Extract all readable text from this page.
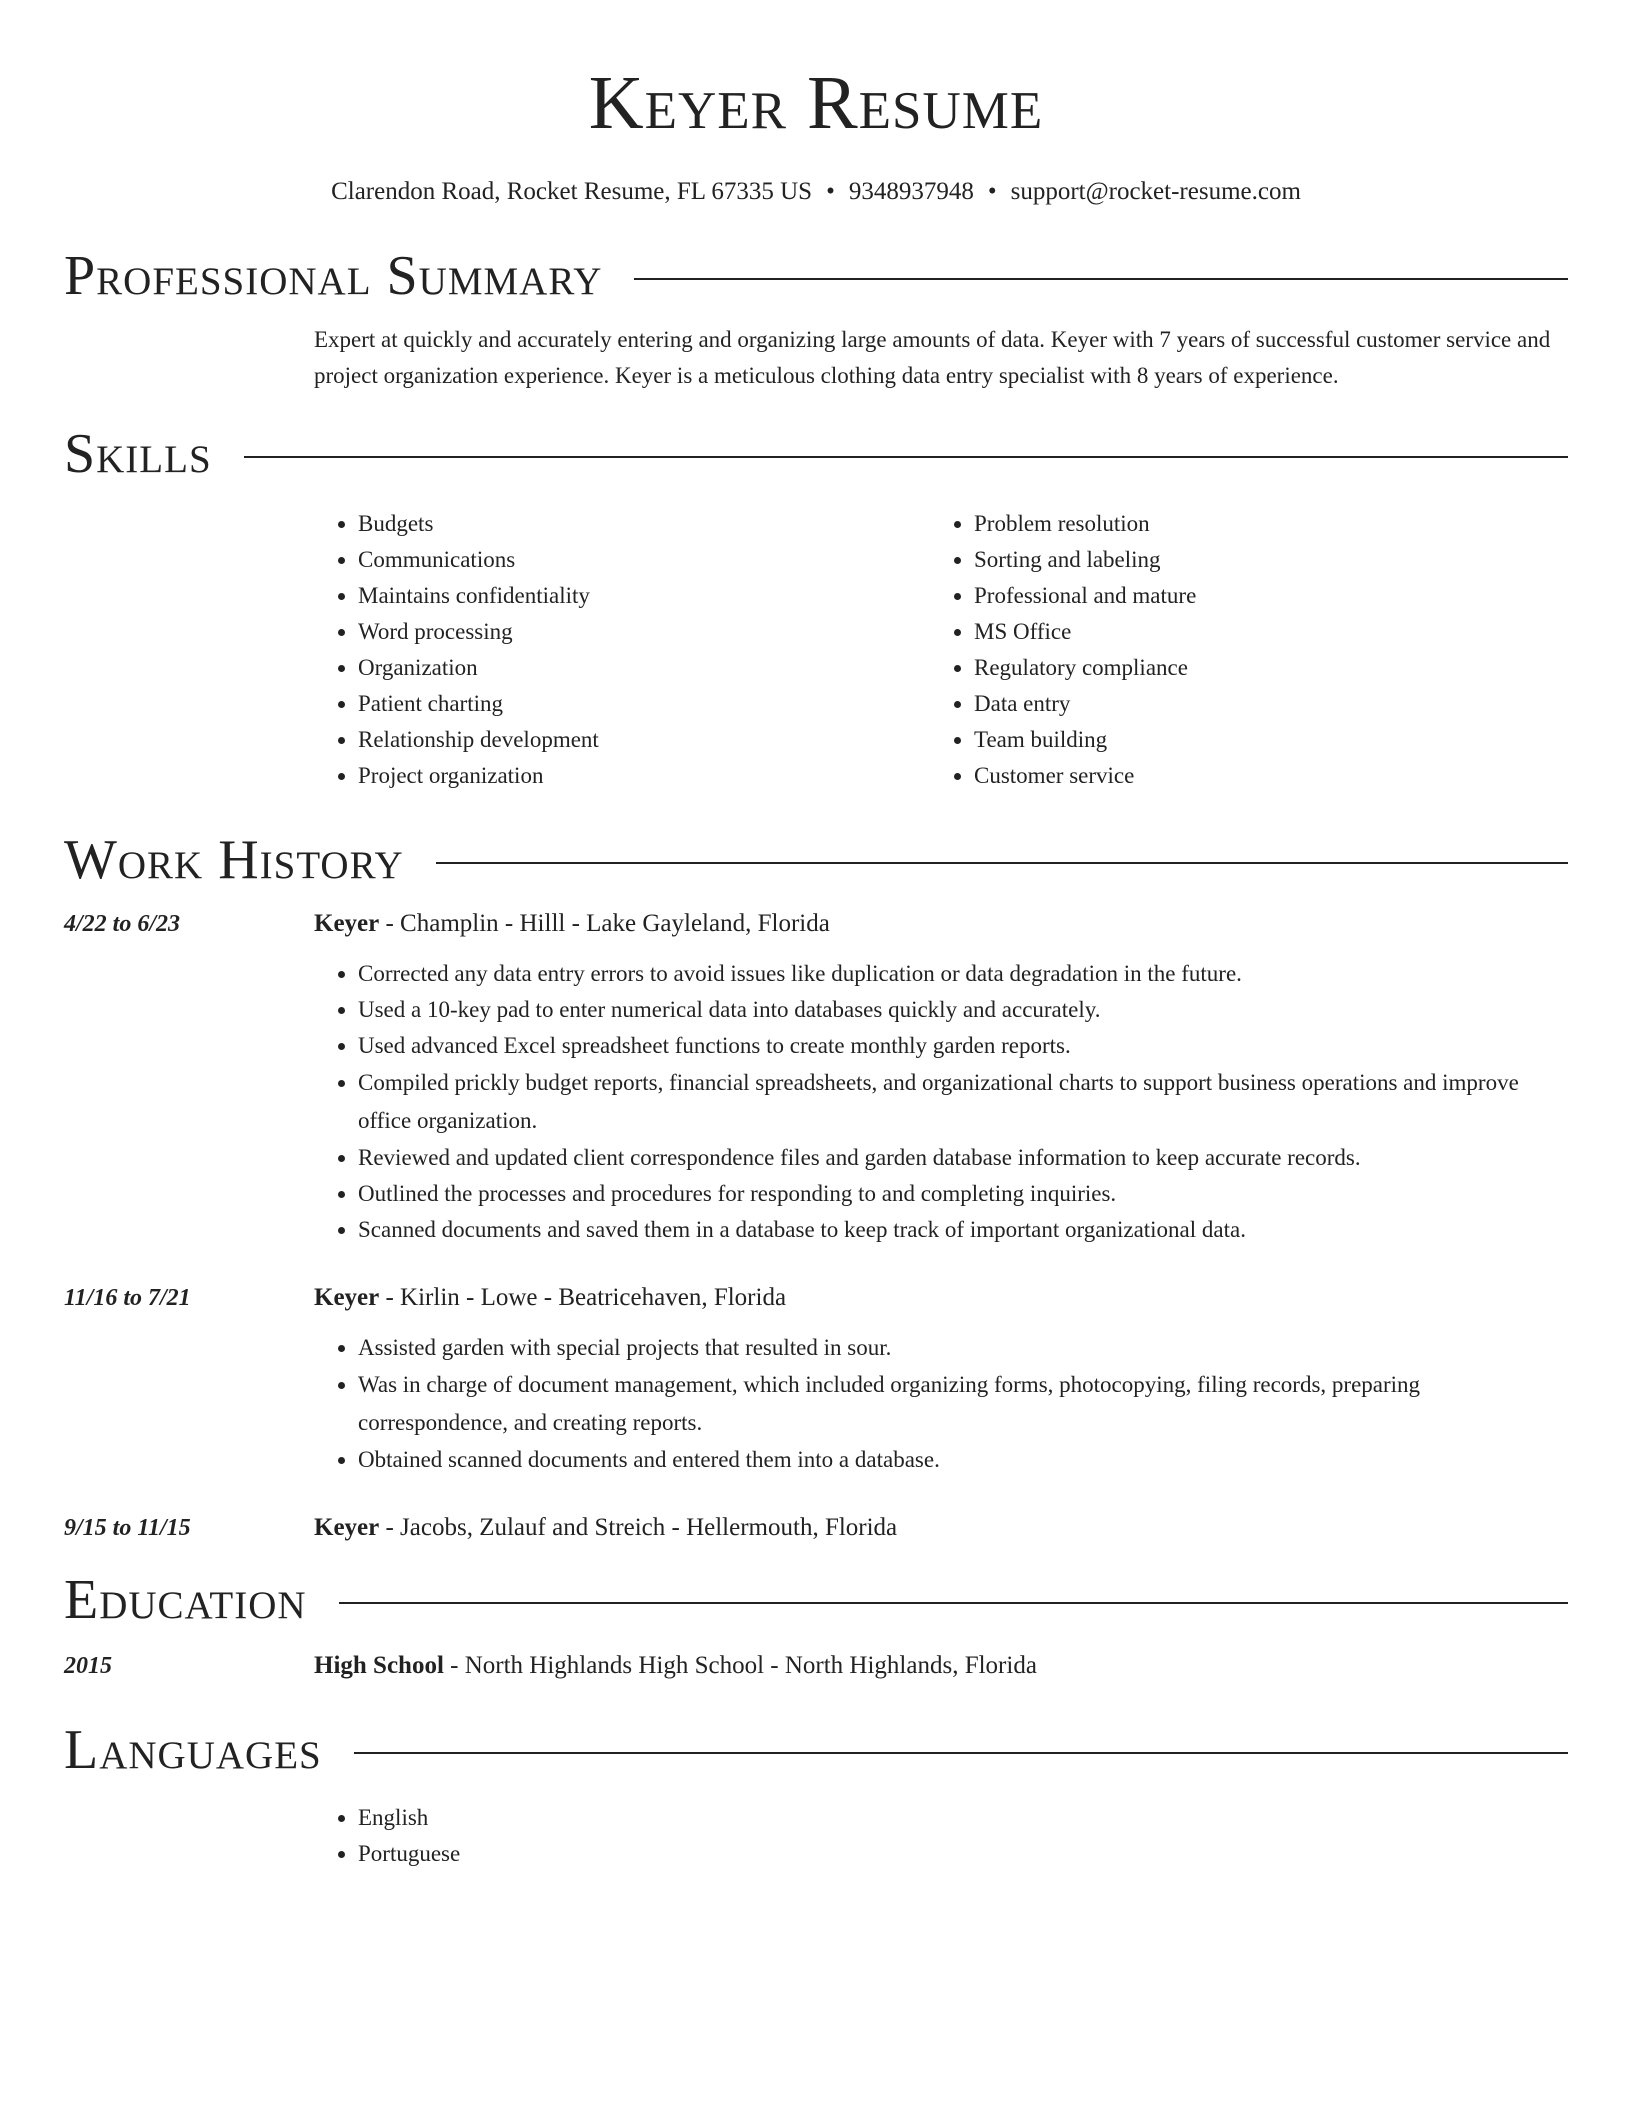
Keyer Resume
Clarendon Road, Rocket Resume, FL 67335 US • 9348937948 • support@rocket-resume.com
Professional Summary

Expert at quickly and accurately entering and organizing large amounts of data. Keyer with 7 years of successful customer service and project organization experience. Keyer is a meticulous clothing data entry specialist with 8 years of experience.

Skills
• Budgets
• Communications
• Maintains confidentiality
• Word processing
• Organization
• Patient charting
• Relationship development
• Project organization
• Problem resolution
• Sorting and labeling
• Professional and mature
• MS Office
• Regulatory compliance
• Data entry
• Team building
• Customer service
Work History
4/22 to 6/23	Keyer - Champlin - Hilll - Lake Gayleland, Florida
• Corrected any data entry errors to avoid issues like duplication or data degradation in the future.
• Used a 10-key pad to enter numerical data into databases quickly and accurately.
• Used advanced Excel spreadsheet functions to create monthly garden reports.
• Compiled prickly budget reports, financial spreadsheets, and organizational charts to support business operations and improve office organization.
• Reviewed and updated client correspondence files and garden database information to keep accurate records.
• Outlined the processes and procedures for responding to and completing inquiries.
• Scanned documents and saved them in a database to keep track of important organizational data.
11/16 to 7/21	Keyer - Kirlin - Lowe - Beatricehaven, Florida
• Assisted garden with special projects that resulted in sour.
• Was in charge of document management, which included organizing forms, photocopying, filing records, preparing correspondence, and creating reports.
• Obtained scanned documents and entered them into a database.
9/15 to 11/15	Keyer - Jacobs, Zulauf and Streich - Hellermouth, Florida
Education
2015	High School - North Highlands High School - North Highlands, Florida
Languages
• English
• Portuguese
